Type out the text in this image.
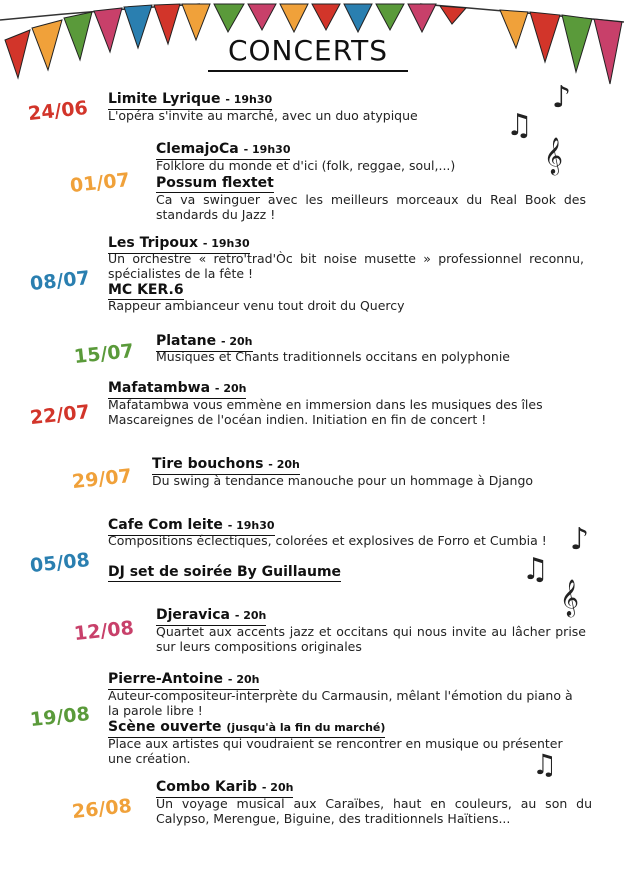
CONCERTS
♪
♫
𝄞
♪
♫
𝄞
♫
24/06 Limite Lyrique - 19h30
L'opéra s'invite au marché, avec un duo atypique
01/07
ClemajoCa - 19h30
Folklore du monde et d'ici (folk, reggae, soul,...)
Possum flextet
Ca va swinguer avec les meilleurs morceaux du Real Book des standards du Jazz !
08/07
Les Tripoux - 19h30
Un orchestre « retro'trad'Òc bit noise musette » professionnel reconnu, spécialistes de la fête !
MC KER.6
Rappeur ambianceur venu tout droit du Quercy
15/07 Platane - 20h
Musiques et Chants traditionnels occitans en polyphonie
22/07
Mafatambwa - 20h
Mafatambwa vous emmène en immersion dans les musiques des îles Mascareignes de l'océan indien. Initiation en fin de concert !
29/07
Tire bouchons - 20h
Du swing à tendance manouche pour un hommage à Django
05/08
Cafe Com leite - 19h30
Compositions éclectiques, colorées et explosives de Forro et Cumbia !
DJ set de soirée By Guillaume
12/08
Djeravica - 20h
Quartet aux accents jazz et occitans qui nous invite au lâcher prise sur leurs compositions originales
19/08
Pierre-Antoine - 20h
Auteur-compositeur-interprète du Carmausin, mêlant l'émotion du piano à la parole libre !
Scène ouverte (jusqu'à la fin du marché)
Place aux artistes qui voudraient se rencontrer en musique ou présenter une création.
26/08
Combo Karib - 20h
Un voyage musical aux Caraïbes, haut en couleurs, au son du Calypso, Merengue, Biguine, des traditionnels Haïtiens...
